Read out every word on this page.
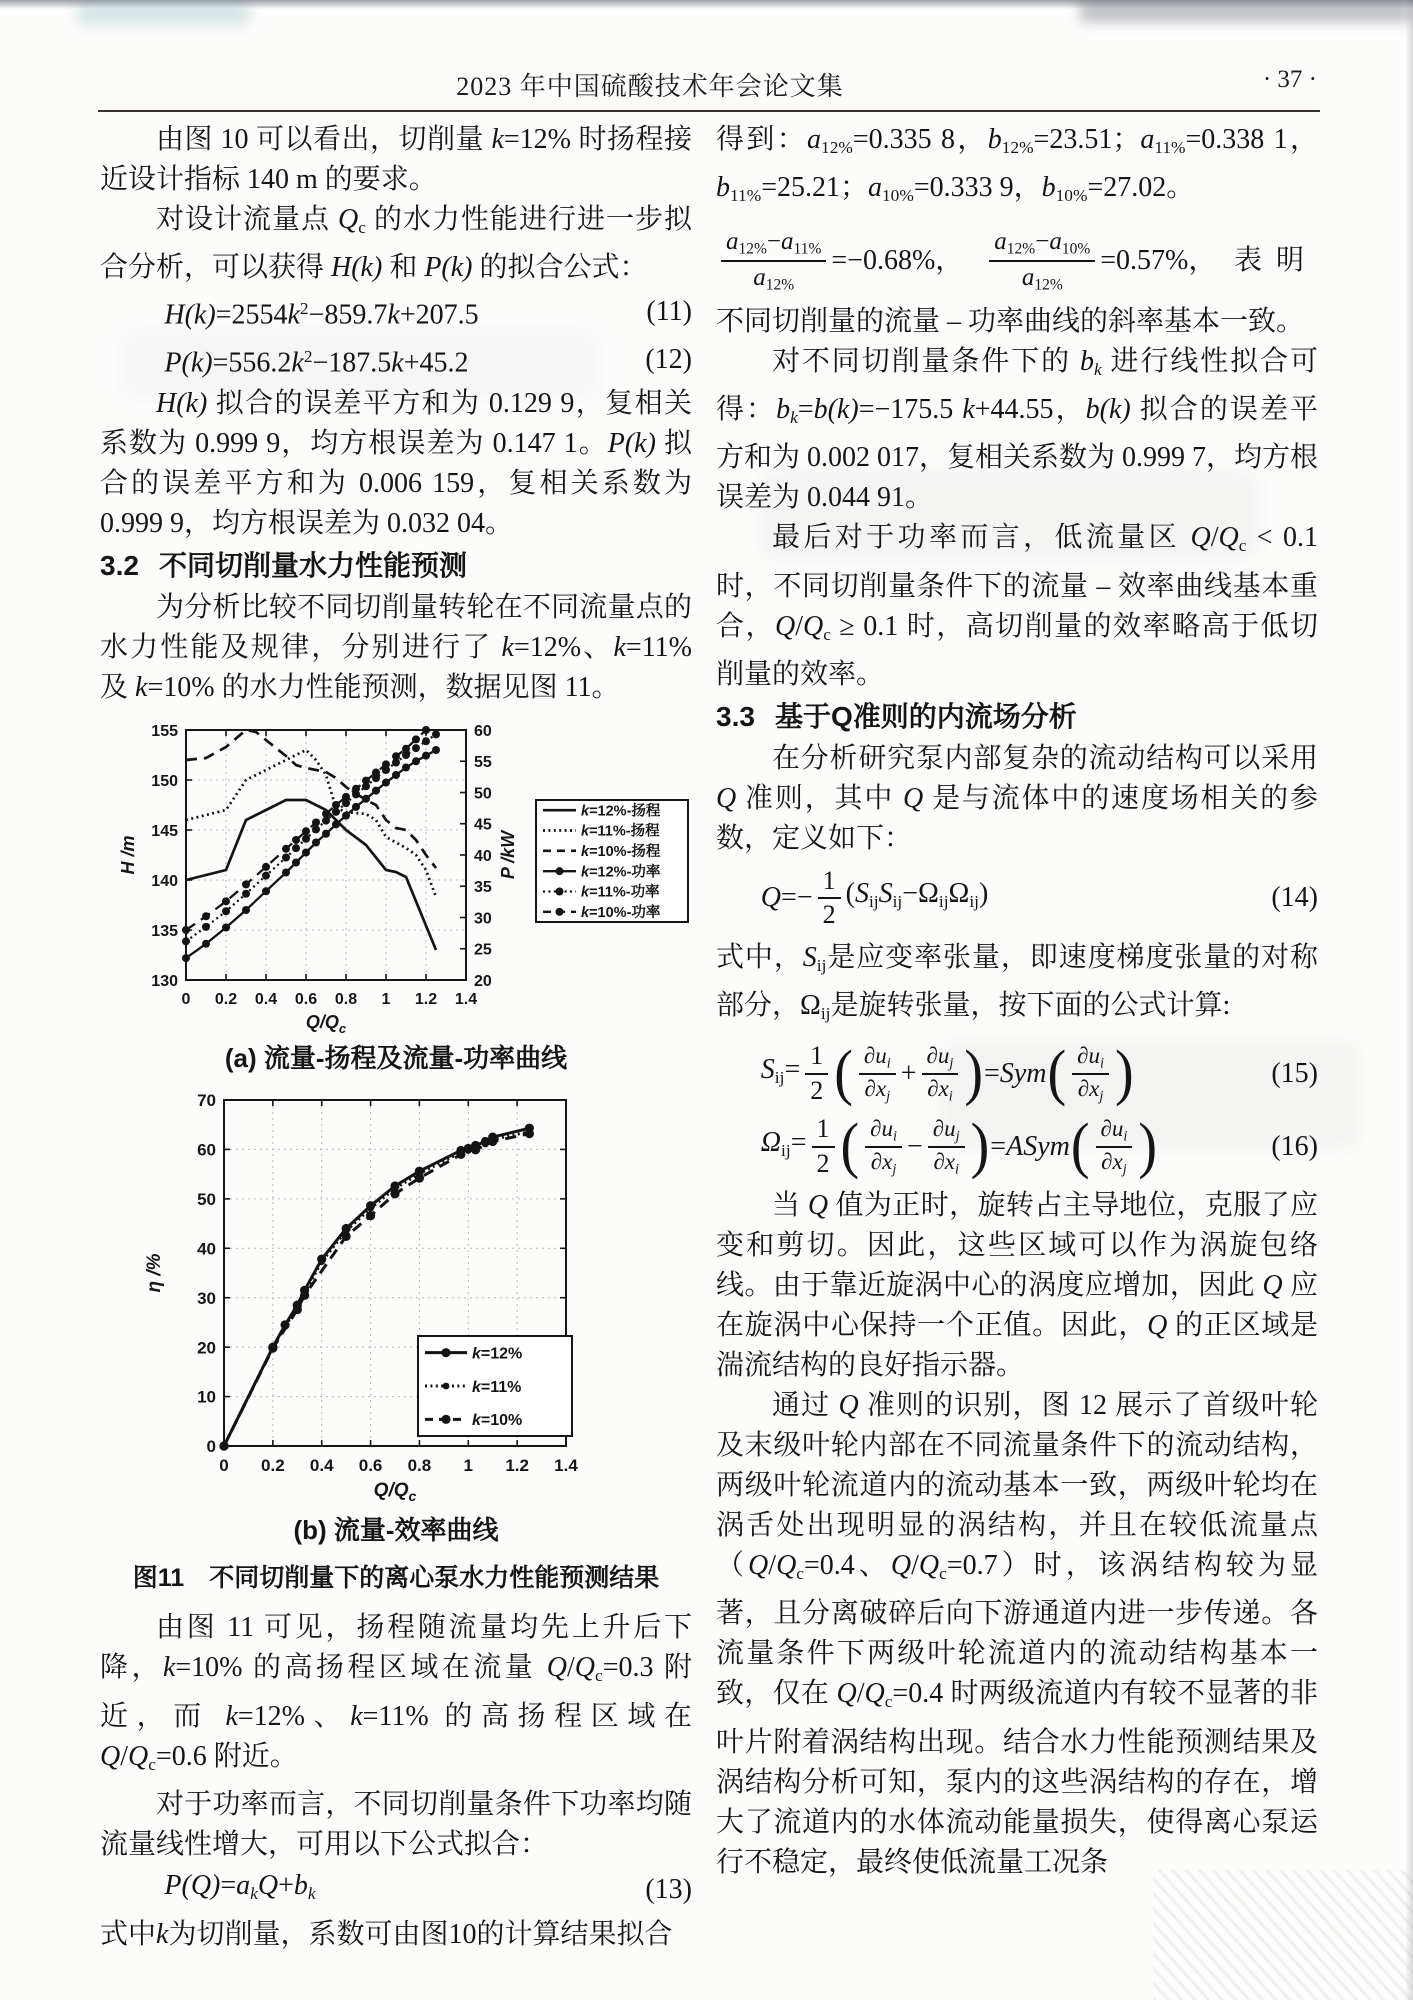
2023 年中国硫酸技术年会论文集	· 37 ·

由图 10 可以看出，切削量 k=12% 时扬程接近设计指标 140 m 的要求。

对设计流量点 Qc 的水力性能进行进一步拟合分析，可以获得 H(k) 和 P(k) 的拟合公式：

$H(k)=2554k^2-859.7k+207.5$	(11)
$P(k)=556.2k^2-187.5k+45.2$	(12)

H(k) 拟合的误差平方和为 0.129 9，复相关系数为 0.999 9，均方根误差为 0.147 1。P(k) 拟合的误差平方和为 0.006 159，复相关系数为 0.999 9，均方根误差为 0.032 04。

3.2 不同切削量水力性能预测

为分析比较不同切削量转轮在不同流量点的水力性能及规律，分别进行了 k=12%、k=11% 及 k=10% 的水力性能预测，数据见图 11。

0 0.2 0.4 0.6 0.8 1 1.2 1.4
130
135
140
145
150
155
20
25
30
35
40
45
50
55
60
H /m	P /kW
$Q/Q_c$
k=12%-扬程
k=11%-扬程
k=10%-扬程
k=12%-功率
k=11%-功率
k=10%-功率
(a) 流量-扬程及流量-功率曲线
0 0.2 0.4 0.6 0.8 1 1.2 1.4
0
10
20
30
40
50
60
70
η /%
$Q/Q_c$
k=12%
k=11%
k=10%
(b) 流量-效率曲线
图11　不同切削量下的离心泵水力性能预测结果

由图 11 可见，扬程随流量均先上升后下降，k=10% 的高扬程区域在流量 Q/Qc=0.3 附近，而 k=12%、k=11% 的高扬程区域在 Q/Qc=0.6 附近。

对于功率而言，不同切削量条件下功率均随流量线性增大，可用以下公式拟合：

P(Q)=akQ+bk	(13)

式中k为切削量，系数可由图10的计算结果拟合

得到：a12%=0.335 8，b12%=23.51；a11%=0.338 1，b11%=25.21；a10%=0.333 9，b10%=27.02。

$\frac{a12\%-a11\%}{a12\%} =-0.68\%$， $\frac{a12\%-a10\%}{a12\%} =0.57\%$， 表明

不同切削量的流量 – 功率曲线的斜率基本一致。

对不同切削量条件下的 bk 进行线性拟合可得：bk=b(k)=−175.5 k+44.55，b(k) 拟合的误差平方和为 0.002 017，复相关系数为 0.999 7，均方根误差为 0.044 91。

最后对于功率而言，低流量区 Q/Qc < 0.1 时，不同切削量条件下的流量 – 效率曲线基本重合，Q/Qc ≥ 0.1 时，高切削量的效率略高于低切削量的效率。

3.3 基于Q准则的内流场分析

在分析研究泵内部复杂的流动结构可以采用 Q 准则，其中 Q 是与流体中的速度场相关的参数，定义如下：

$Q=- \frac{1}{2}$ (SijSij−ΩijΩij)	(14)

式中，Sij是应变率张量，即速度梯度张量的对称部分，Ωij是旋转张量，按下面的公式计算:

$Sij= \frac{1}{2}$ ( ∂ui
∂xj
+ $\frac{\partial uj}{\partial xi}$ ) =Sym ( ∂ui
∂xj )	(15)
$\Omega ij= \frac{1}{2}$ ( ∂ui
∂xj
− $\frac{\partial uj}{\partial xi}$ ) =ASym ( ∂ui
∂xj )	(16)

当 Q 值为正时，旋转占主导地位，克服了应变和剪切。因此，这些区域可以作为涡旋包络线。由于靠近旋涡中心的涡度应增加，因此 Q 应在旋涡中心保持一个正值。因此，Q 的正区域是湍流结构的良好指示器。

通过 Q 准则的识别，图 12 展示了首级叶轮及末级叶轮内部在不同流量条件下的流动结构，两级叶轮流道内的流动基本一致，两级叶轮均在涡舌处出现明显的涡结构，并且在较低流量点（Q/Qc=0.4、Q/Qc=0.7）时，该涡结构较为显著，且分离破碎后向下游通道内进一步传递。各流量条件下两级叶轮流道内的流动结构基本一致，仅在 Q/Qc=0.4 时两级流道内有较不显著的非叶片附着涡结构出现。结合水力性能预测结果及涡结构分析可知，泵内的这些涡结构的存在，增大了流道内的水体流动能量损失，使得离心泵运行不稳定，最终使低流量工况条
